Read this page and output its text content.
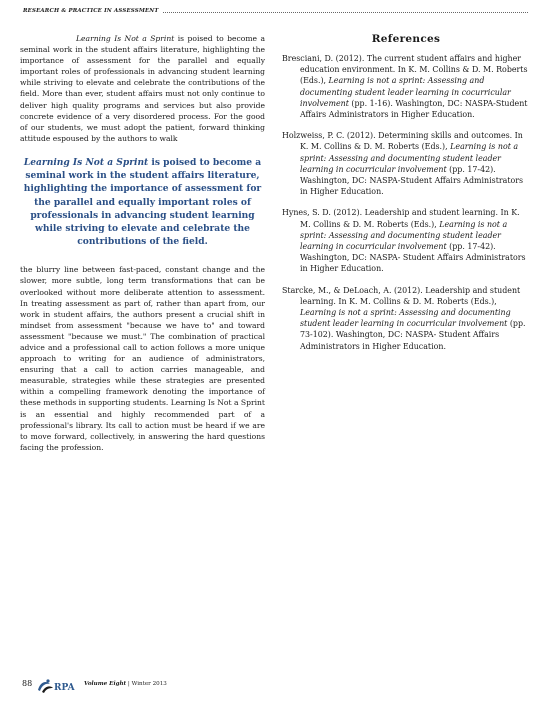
RESEARCH & PRACTICE IN ASSESSMENT

Learning Is Not a Sprint is poised to become a seminal work in the student affairs literature, highlighting the importance of assessment for the parallel and equally important roles of professionals in advancing student learning while striving to elevate and celebrate the contributions of the field. More than ever, student affairs must not only continue to deliver high quality programs and services but also provide concrete evidence of a very disordered process. For the good of our students, we must adopt the patient, forward thinking attitude espoused by the authors to walk

Learning Is Not a Sprint is poised to become a seminal work in the student affairs literature, highlighting the importance of assessment for the parallel and equally important roles of professionals in advancing student learning while striving to elevate and celebrate the contributions of the field.

the blurry line between fast-paced, constant change and the slower, more subtle, long term transformations that can be overlooked without more deliberate attention to assessment. In treating assessment as part of, rather than apart from, our work in student affairs, the authors present a crucial shift in mindset from assessment "because we have to" and toward assessment "because we must." The combination of practical advice and a professional call to action follows a more unique approach to writing for an audience of administrators, ensuring that a call to action carries manageable, and measurable, strategies while these strategies are presented within a compelling framework denoting the importance of these methods in supporting students. Learning Is Not a Sprint is an essential and highly recommended part of a professional's library. Its call to action must be heard if we are to move forward, collectively, in answering the hard questions facing the profession.

References

Bresciani, D. (2012). The current student affairs and higher education environment. In K. M. Collins & D. M. Roberts (Eds.), Learning is not a sprint: Assessing and documenting student leader learning in cocurricular involvement (pp. 1-16). Washington, DC: NASPA-Student Affairs Administrators in Higher Education.

Holzweiss, P. C. (2012). Determining skills and outcomes. In K. M. Collins & D. M. Roberts (Eds.), Learning is not a sprint: Assessing and documenting student leader learning in cocurricular involvement (pp. 17-42). Washington, DC: NASPA-Student Affairs Administrators in Higher Education.

Hynes, S. D. (2012). Leadership and student learning. In K. M. Collins & D. M. Roberts (Eds.), Learning is not a sprint: Assessing and documenting student leader learning in cocurricular involvement (pp. 17-42). Washington, DC: NASPA- Student Affairs Administrators in Higher Education.

Starcke, M., & DeLoach, A. (2012). Leadership and student learning. In K. M. Collins & D. M. Roberts (Eds.), Learning is not a sprint: Assessing and documenting student leader learning in cocurricular involvement (pp. 73-102). Washington, DC: NASPA- Student Affairs Administrators in Higher Education.

88 RPA Volume Eight | Winter 2013
